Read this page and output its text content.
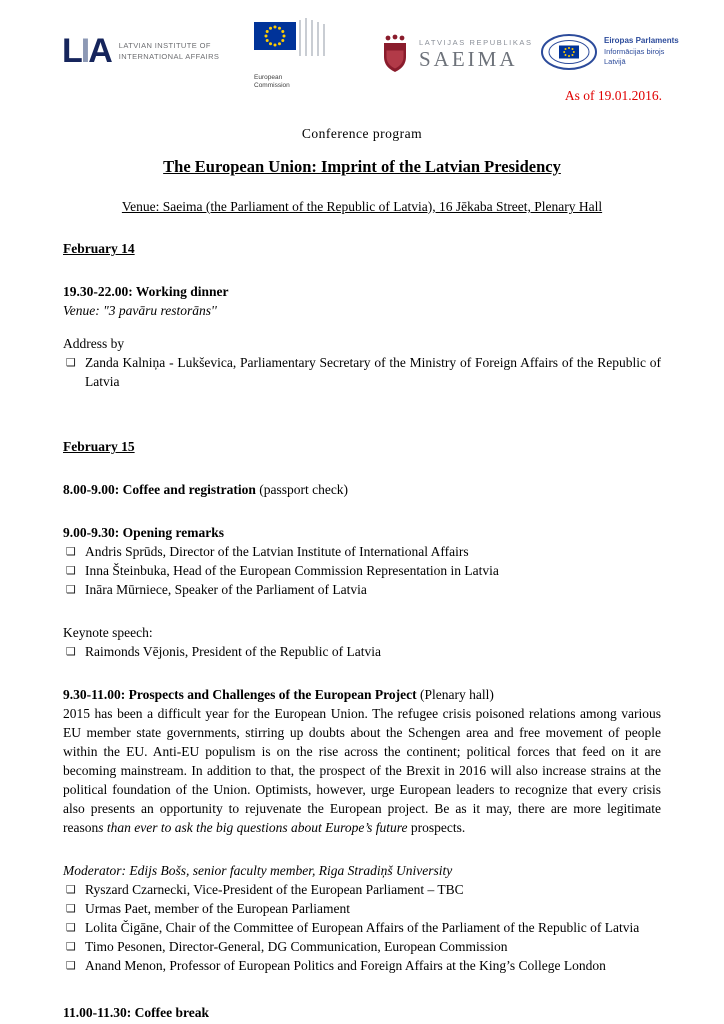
LIA LATVIAN INSTITUTE OF
INTERNATIONAL AFFAIRS
European
Commission
LATVIJAS REPUBLIKAS
SAEIMA
Eiropas Parlaments
Informācijas birojs
Latvijā
As of 19.01.2016.
Conference program
The European Union: Imprint of the Latvian Presidency
Venue: Saeima (the Parliament of the Republic of Latvia), 16 Jēkaba Street, Plenary Hall
February 14
19.30-22.00: Working dinner
Venue: "3 pavāru restorāns''
Address by
❑ Zanda Kalniņa - Lukševica, Parliamentary Secretary of the Ministry of Foreign Affairs of the Republic of Latvia
February 15
8.00-9.00: Coffee and registration (passport check)
9.00-9.30: Opening remarks
❑ Andris Sprūds, Director of the Latvian Institute of International Affairs
❑ Inna Šteinbuka, Head of the European Commission Representation in Latvia
❑ Ināra Mūrniece, Speaker of the Parliament of Latvia
Keynote speech:
❑ Raimonds Vējonis, President of the Republic of Latvia
9.30-11.00: Prospects and Challenges of the European Project (Plenary hall)
2015 has been a difficult year for the European Union. The refugee crisis poisoned relations among various EU member state governments, stirring up doubts about the Schengen area and free movement of people within the EU. Anti-EU populism is on the rise across the continent; political forces that feed on it are becoming mainstream. In addition to that, the prospect of the Brexit in 2016 will also increase strains at the political foundation of the Union. Optimists, however, urge European leaders to recognize that every crisis also presents an opportunity to rejuvenate the European project. Be as it may, there are more legitimate reasons than ever to ask the big questions about Europe’s future prospects.
Moderator: Edijs Bošs, senior faculty member, Riga Stradiņš University
❑ Ryszard Czarnecki, Vice-President of the European Parliament – TBC
❑ Urmas Paet, member of the European Parliament
❑ Lolita Čigāne, Chair of the Committee of European Affairs of the Parliament of the Republic of Latvia
❑ Timo Pesonen, Director-General, DG Communication, European Commission
❑ Anand Menon, Professor of European Politics and Foreign Affairs at the King’s College London
11.00-11.30: Coffee break
